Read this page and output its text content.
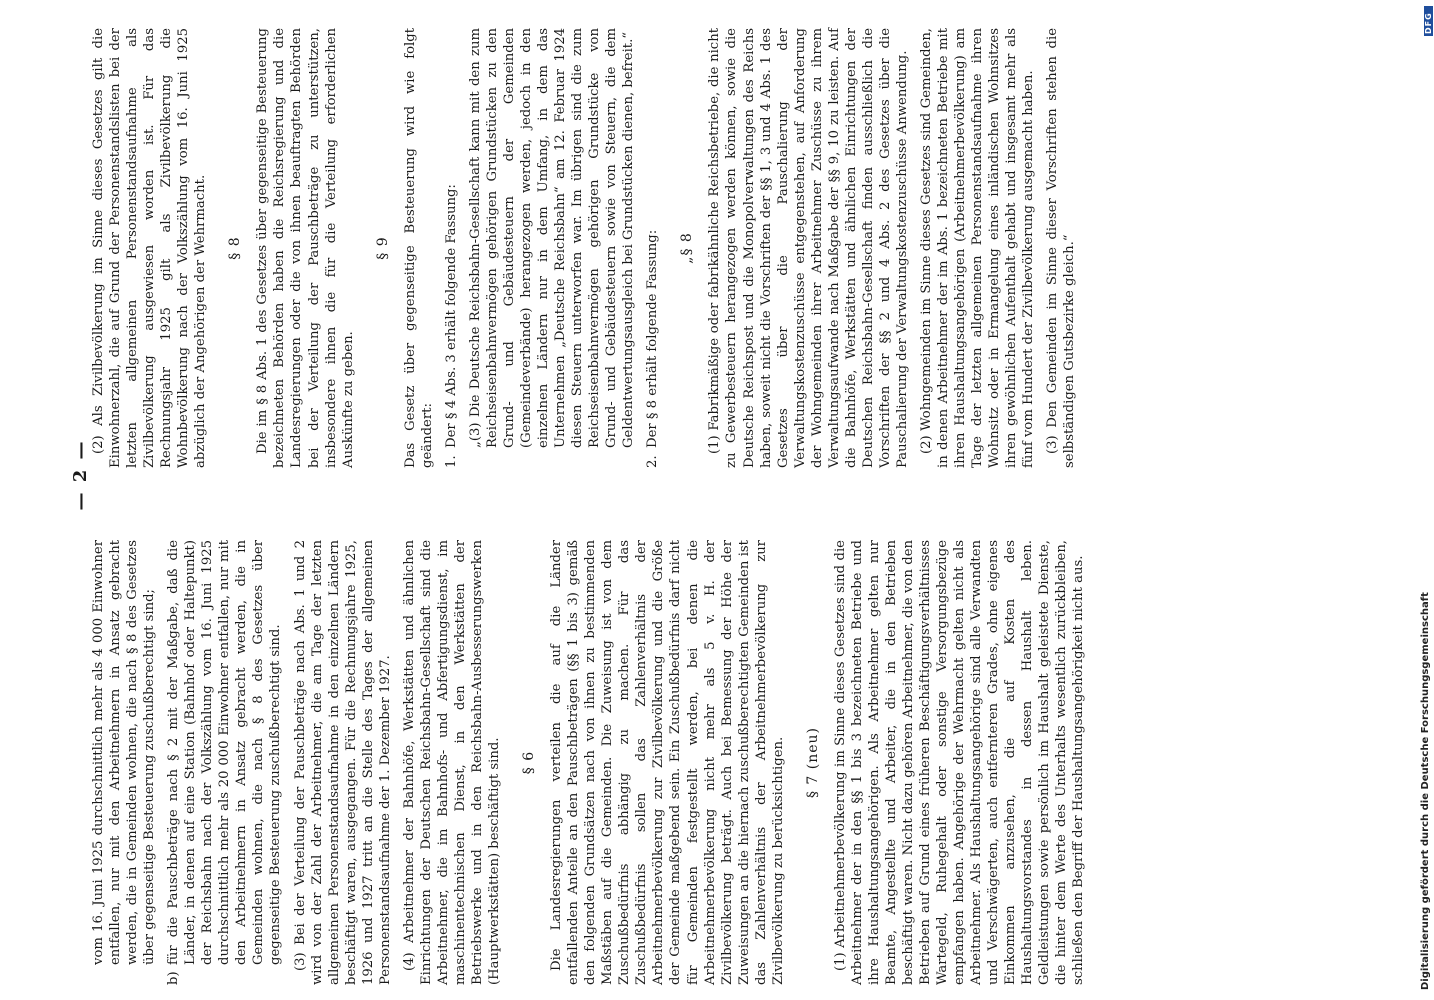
— 2 —

vom 16. Juni 1925 durchschnittlich mehr als 4 000 Einwohner entfallen, nur mit den Arbeitnehmern in Ansatz gebracht werden, die in Gemeinden wohnen, die nach § 8 des Gesetzes über gegenseitige Besteuerung zuschußberechtigt sind;

b)
für die Pauschbeträge nach § 2 mit der Maßgabe, daß die Länder, in denen auf eine Station (Bahnhof oder Haltepunkt) der Reichsbahn nach der Volkszählung vom 16. Juni 1925 durchschnittlich mehr als 20 000 Einwohner entfallen, nur mit den Arbeitnehmern in Ansatz gebracht werden, die in Gemeinden wohnen, die nach § 8 des Gesetzes über gegenseitige Besteuerung zuschußberechtigt sind. (3) Bei der Verteilung der Pauschbeträge nach Abs. 1 und 2 wird von der Zahl der Arbeitnehmer, die am Tage der letzten allgemeinen Personenstandsaufnahme in den einzelnen Ländern beschäftigt waren, ausgegangen. Für die Rechnungsjahre 1925, 1926 und 1927 tritt an die Stelle des Tages der allgemeinen Personenstandsaufnahme der 1. Dezember 1927. (4) Arbeitnehmer der Bahnhöfe, Werkstätten und ähnlichen Einrichtungen der Deutschen Reichsbahn-Gesellschaft sind die Arbeitnehmer, die im Bahnhofs- und Abfertigungsdienst, im maschinentechnischen Dienst, in den Werkstätten der Betriebswerke und in den Reichsbahn-Ausbesserungswerken (Hauptwerkstätten) beschäftigt sind. § 6 Die Landesregierungen verteilen die auf die Länder entfallenden Anteile an den Pauschbeträgen (§§ 1 bis 3) gemäß den folgenden Grundsätzen nach von ihnen zu bestimmenden Maßstäben auf die Gemeinden. Die Zuweisung ist von dem Zuschußbedürfnis abhängig zu machen. Für das Zuschußbedürfnis sollen das Zahlenverhältnis der Arbeitnehmerbevölkerung zur Zivilbevölkerung und die Größe der Gemeinde maßgebend sein. Ein Zuschußbedürfnis darf nicht für Gemeinden festgestellt werden, bei denen die Arbeitnehmerbevölkerung nicht mehr als 5 v. H. der Zivilbevölkerung beträgt. Auch bei Bemessung der Höhe der Zuweisungen an die hiernach zuschußberechtigten Gemeinden ist das Zahlenverhältnis der Arbeitnehmerbevölkerung zur Zivilbevölkerung zu berücksichtigen. § 7 (neu) (1) Arbeitnehmerbevölkerung im Sinne dieses Gesetzes sind die Arbeitnehmer der in den §§ 1 bis 3 bezeichneten Betriebe und ihre Haushaltungsangehörigen. Als Arbeitnehmer gelten nur Beamte, Angestellte und Arbeiter, die in den Betrieben beschäftigt waren. Nicht dazu gehören Arbeitnehmer, die von den Betrieben auf Grund eines früheren Beschäftigungsverhältnisses Wartegeld, Ruhegehalt oder sonstige Versorgungsbezüge empfangen haben. Angehörige der Wehrmacht gelten nicht als Arbeitnehmer. Als Haushaltungsangehörige sind alle Verwandten und Verschwägerten, auch entfernteren Grades, ohne eigenes Einkommen anzusehen, die auf Kosten des Haushaltungsvorstandes in dessen Haushalt leben. Geldleistungen sowie persönlich im Haushalt geleistete Dienste, die hinter dem Werte des Unterhalts wesentlich zurückbleiben, schließen den Begriff der Haushaltungsangehörigkeit nicht aus.

(2) Als Zivilbevölkerung im Sinne dieses Gesetzes gilt die Einwohnerzahl, die auf Grund der Personenstandslisten bei der letzten allgemeinen Personenstandsaufnahme als Zivilbevölkerung ausgewiesen worden ist. Für das Rechnungsjahr 1925 gilt als Zivilbevölkerung die Wohnbevölkerung nach der Volkszählung vom 16. Juni 1925 abzüglich der Angehörigen der Wehrmacht. § 8 Die im § 8 Abs. 1 des Gesetzes über gegenseitige Besteuerung bezeichneten Behörden haben die Reichsregierung und die Landesregierungen oder die von ihnen beauftragten Behörden bei der Verteilung der Pauschbeträge zu unterstützen, insbesondere ihnen die für die Verteilung erforderlichen Auskünfte zu geben.

§ 9 Das Gesetz über gegenseitige Besteuerung wird wie folgt geändert: 1.
Der § 4 Abs. 3 erhält folgende Fassung: „(3) Die Deutsche Reichsbahn-Gesellschaft kann mit den zum Reichseisenbahnvermögen gehörigen Grundstücken zu den Grund- und Gebäudesteuern der Gemeinden (Gemeindeverbände) herangezogen werden, jedoch in den einzelnen Ländern nur in dem Umfang, in dem das Unternehmen „Deutsche Reichsbahn“ am 12. Februar 1924 diesen Steuern unterworfen war. Im übrigen sind die zum Reichseisenbahnvermögen gehörigen Grundstücke von Grund- und Gebäudesteuern sowie von Steuern, die dem Geldentwertungsausgleich bei Grundstücken dienen, befreit.“

2.
Der § 8 erhält folgende Fassung: „§ 8 (1) Fabrikmäßige oder fabrikähnliche Reichsbetriebe, die nicht zu Gewerbesteuern herangezogen werden können, sowie die Deutsche Reichspost und die Monopolverwaltungen des Reichs haben, soweit nicht die Vorschriften der §§ 1, 3 und 4 Abs. 1 des Gesetzes über die Pauschalierung der Verwaltungskostenzuschüsse entgegenstehen, auf Anforderung der Wohngemeinden ihrer Arbeitnehmer Zuschüsse zu ihrem Verwaltungsaufwande nach Maßgabe der §§ 9, 10 zu leisten. Auf die Bahnhöfe, Werkstätten und ähnlichen Einrichtungen der Deutschen Reichsbahn-Gesellschaft finden ausschließlich die Vorschriften der §§ 2 und 4 Abs. 2 des Gesetzes über die Pauschalierung der Verwaltungskostenzuschüsse Anwendung. (2) Wohngemeinden im Sinne dieses Gesetzes sind Gemeinden, in denen Arbeitnehmer der im Abs. 1 bezeichneten Betriebe mit ihren Haushaltungsangehörigen (Arbeitnehmerbevölkerung) am Tage der letzten allgemeinen Personenstandsaufnahme ihren Wohnsitz oder in Ermangelung eines inländischen Wohnsitzes ihren gewöhnlichen Aufenthalt gehabt und insgesamt mehr als fünf vom Hundert der Zivilbevölkerung ausgemacht haben. (3) Den Gemeinden im Sinne dieser Vorschriften stehen die selbständigen Gutsbezirke gleich.“

Digitalisierung gefördert durch die Deutsche Forschungsgemeinschaft
DFG
